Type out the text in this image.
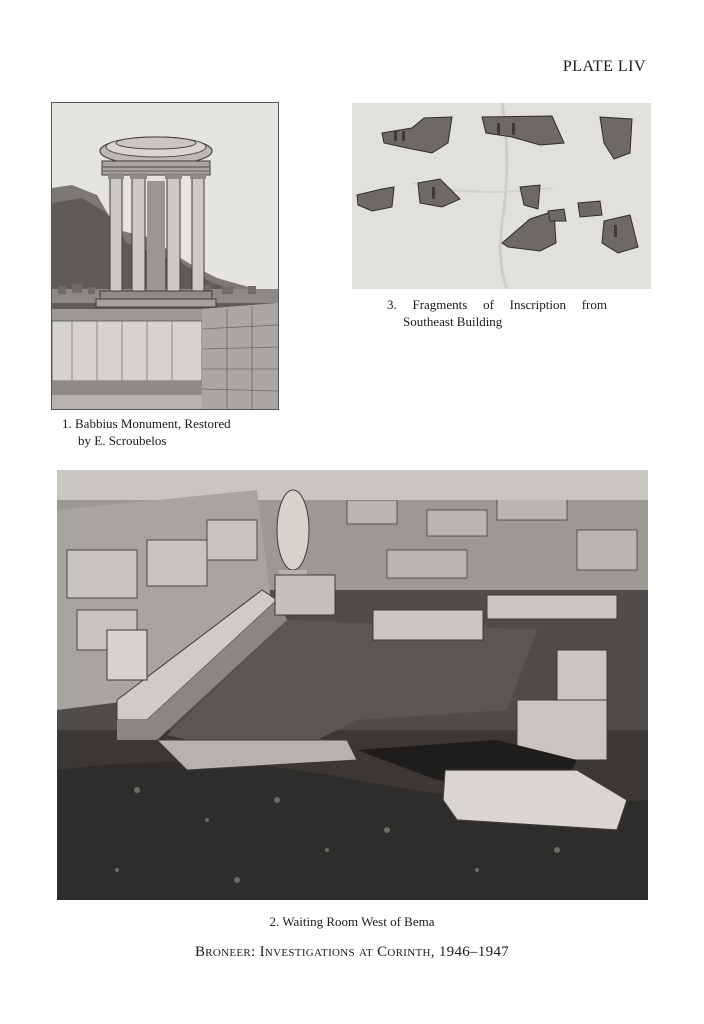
PLATE LIV
1. Babbius Monument, Restored
by E. Scroubelos
3. Fragments of Inscription from
Southeast Building
2. Waiting Room West of Bema
Broneer: Investigations at Corinth, 1946–1947
